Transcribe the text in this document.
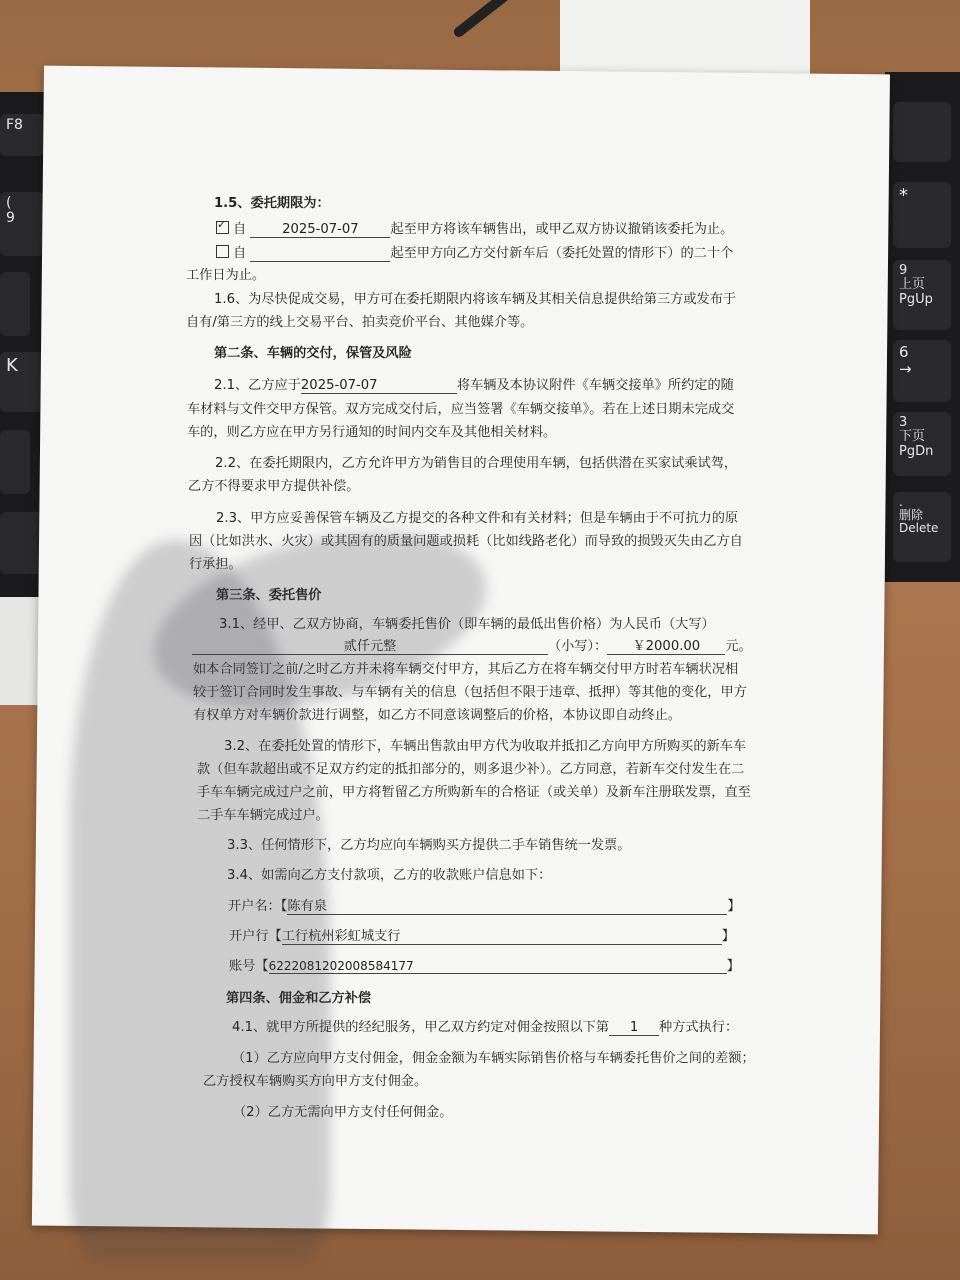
F8
(
9
K
*
9
上页
PgUp
6
→
3
下页
PgDn
.
删除
Delete
1.5、委托期限为：
✓自	2025-07-07 起至甲方将该车辆售出，或甲乙双方协议撤销该委托为止。
自	起至甲方向乙方交付新车后（委托处置的情形下）的二十个
工作日为止。
1.6、为尽快促成交易，甲方可在委托期限内将该车辆及其相关信息提供给第三方或发布于
自有/第三方的线上交易平台、拍卖竞价平台、其他媒介等。
第二条、车辆的交付，保管及风险
2.1、乙方应于2025-07-07	将车辆及本协议附件《车辆交接单》所约定的随
车材料与文件交甲方保管。双方完成交付后，应当签署《车辆交接单》。若在上述日期未完成交
车的，则乙方应在甲方另行通知的时间内交车及其他相关材料。
2.2、在委托期限内，乙方允许甲方为销售目的合理使用车辆，包括供潜在买家试乘试驾，
乙方不得要求甲方提供补偿。
2.3、甲方应妥善保管车辆及乙方提交的各种文件和有关材料；但是车辆由于不可抗力的原
因（比如洪水、火灾）或其固有的质量问题或损耗（比如线路老化）而导致的损毁灭失由乙方自
行承担。
第三条、委托售价
3.1、经甲、乙双方协商，车辆委托售价（即车辆的最低出售价格）为人民币（大写）
贰仟元整	（小写）： ￥2000.00 元。
如本合同签订之前/之时乙方并未将车辆交付甲方，其后乙方在将车辆交付甲方时若车辆状况相
较于签订合同时发生事故、与车辆有关的信息（包括但不限于违章、抵押）等其他的变化，甲方
有权单方对车辆价款进行调整，如乙方不同意该调整后的价格，本协议即自动终止。
3.2、在委托处置的情形下，车辆出售款由甲方代为收取并抵扣乙方向甲方所购买的新车车
款（但车款超出或不足双方约定的抵扣部分的，则多退少补）。乙方同意，若新车交付发生在二
手车车辆完成过户之前，甲方将暂留乙方所购新车的合格证（或关单）及新车注册联发票，直至
二手车车辆完成过户。
3.3、任何情形下，乙方均应向车辆购买方提供二手车销售统一发票。
3.4、如需向乙方支付款项，乙方的收款账户信息如下：
开户名：【陈有泉	】
开户行【工行杭州彩虹城支行	】
账号【6222081202008584177	】
第四条、佣金和乙方补偿
4.1、就甲方所提供的经纪服务，甲乙双方约定对佣金按照以下第 1 种方式执行：
（1）乙方应向甲方支付佣金，佣金金额为车辆实际销售价格与车辆委托售价之间的差额；
乙方授权车辆购买方向甲方支付佣金。
（2）乙方无需向甲方支付任何佣金。
